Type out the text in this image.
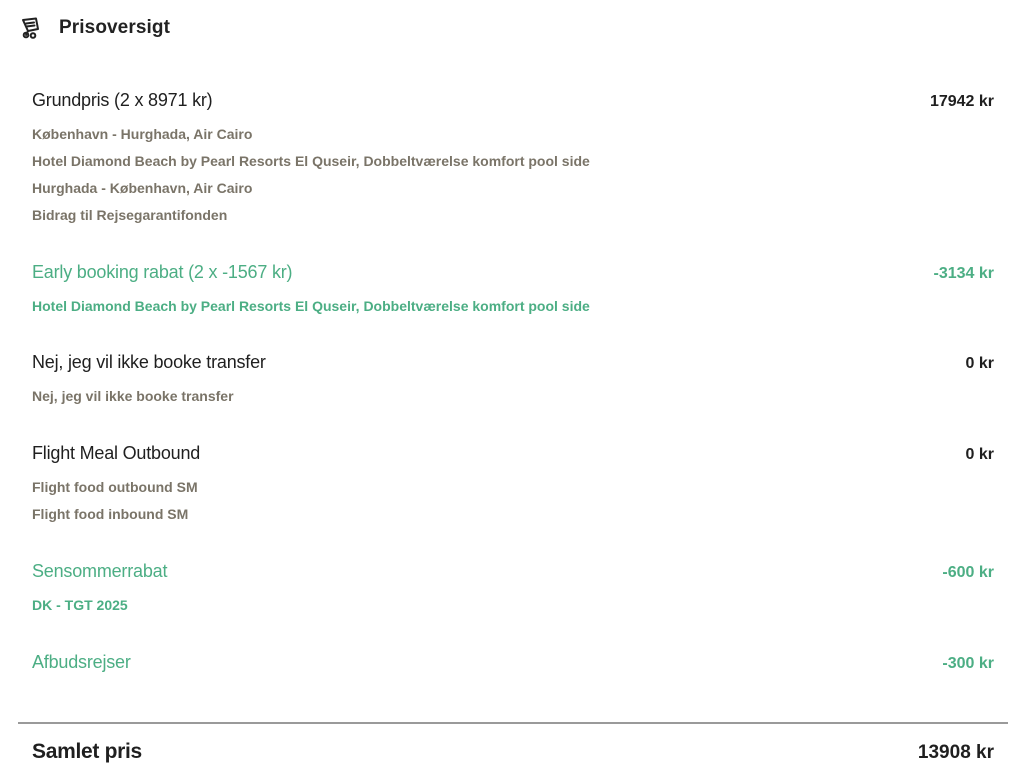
Prisoversigt
Grundpris (2 x 8971 kr)	17942 kr
København - Hurghada, Air Cairo
Hotel Diamond Beach by Pearl Resorts El Quseir, Dobbeltværelse komfort pool side
Hurghada - København, Air Cairo
Bidrag til Rejsegarantifonden
Early booking rabat (2 x -1567 kr)	-3134 kr
Hotel Diamond Beach by Pearl Resorts El Quseir, Dobbeltværelse komfort pool side
Nej, jeg vil ikke booke transfer	0 kr
Nej, jeg vil ikke booke transfer
Flight Meal Outbound	0 kr
Flight food outbound SM
Flight food inbound SM
Sensommerrabat	-600 kr
DK - TGT 2025
Afbudsrejser	-300 kr
Samlet pris	13908 kr
